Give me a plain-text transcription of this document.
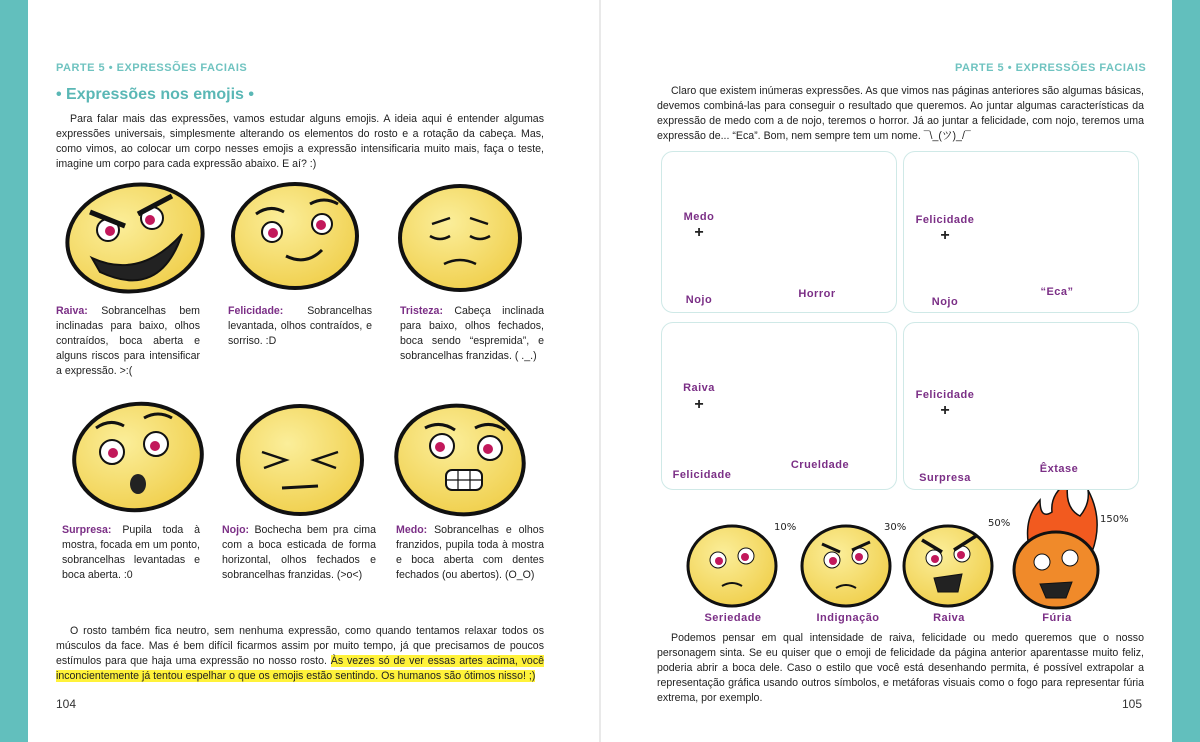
PARTE 5 • EXPRESSÕES FACIAIS
• Expressões nos emojis •

Para falar mais das expressões, vamos estudar alguns emojis. A ideia aqui é entender algumas expressões universais, simplesmente alterando os elementos do rosto e a rotação da cabeça. Mas, como vimos, ao colocar um corpo nesses emojis a expressão intensificaria muito mais, faça o teste, imagine um corpo para cada expressão abaixo. E aí? :)

Raiva: Sobrancelhas bem inclinadas para baixo, olhos contraídos, boca aberta e alguns riscos para intensificar a expressão. >:(
Felicidade: Sobrancelhas levantada, olhos contraídos, e sorriso. :D
Tristeza: Cabeça inclinada para baixo, olhos fechados, boca sendo “espremida”, e sobrancelhas franzidas. ( ._.)
Surpresa: Pupila toda à mostra, focada em um ponto, sobrancelhas levantadas e boca aberta. :0
Nojo: Bochecha bem pra cima com a boca esticada de forma horizontal, olhos fechados e sobrancelhas franzidas. (>o<)
Medo: Sobrancelhas e olhos franzidos, pupila toda à mostra e boca aberta com dentes fechados (ou abertos). (O_O)

O rosto também fica neutro, sem nenhuma expressão, como quando tentamos relaxar todos os músculos da face. Mas é bem difícil ficarmos assim por muito tempo, já que precisamos de poucos estímulos para que haja uma expressão no nosso rosto. Às vezes só de ver essas artes acima, você inconcientemente já tentou espelhar o que os emojis estão sentindo. Os humanos são ótimos nisso! ;)

104
PARTE 5 • EXPRESSÕES FACIAIS

Claro que existem inúmeras expressões. As que vimos nas páginas anteriores são algumas básicas, devemos combiná-las para conseguir o resultado que queremos. Ao juntar algumas características da expressão de medo com a de nojo, teremos o horror. Já ao juntar a felicidade, com nojo, teremos uma expressão de... “Eca”. Bom, nem sempre tem um nome. ¯\_(ツ)_/¯

Medo
+
Nojo	Horror
Felicidade
+
Nojo
“Eca”
Raiva
+
Felicidade
Crueldade
Felicidade
+
Surpresa
Êxtase
10%	30%	50%	150%
Seriedade	Indignação	Raiva	Fúria

Podemos pensar em qual intensidade de raiva, felicidade ou medo queremos que o nosso personagem sinta. Se eu quiser que o emoji de felicidade da página anterior aparentasse muito feliz, poderia abrir a boca dele. Caso o estilo que você está desenhando permita, é possível extrapolar a representação gráfica usando outros símbolos, e metáforas visuais como o fogo para representar fúria extrema, por exemplo.	105
